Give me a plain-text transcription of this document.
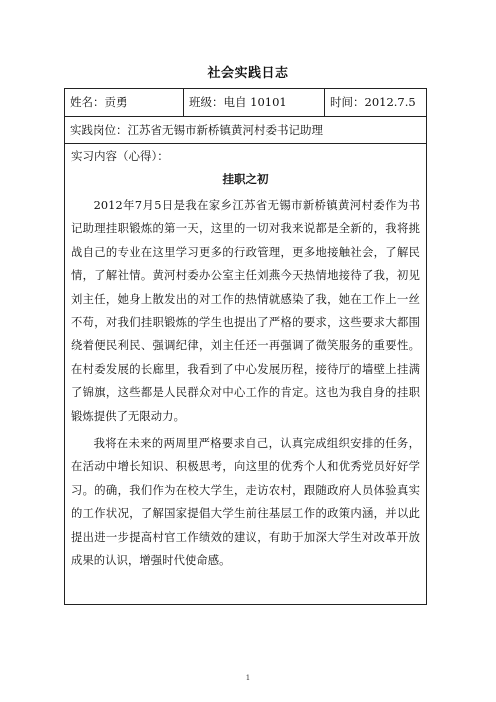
社会实践日志
姓名：贡勇	班级：电自 10101	时间：2012.7.5
实践岗位：江苏省无锡市新桥镇黄河村委书记助理
实习内容（心得）：
挂职之初

2012年7月5日是我在家乡江苏省无锡市新桥镇黄河村委作为书记助理挂职锻炼的第一天，这里的一切对我来说都是全新的，我将挑战自己的专业在这里学习更多的行政管理，更多地接触社会，了解民情，了解社情。黄河村委办公室主任刘燕今天热情地接待了我，初见刘主任，她身上散发出的对工作的热情就感染了我，她在工作上一丝不苟，对我们挂职锻炼的学生也提出了严格的要求，这些要求大都围绕着便民利民、强调纪律，刘主任还一再强调了微笑服务的重要性。在村委发展的长廊里，我看到了中心发展历程，接待厅的墙壁上挂满了锦旗，这些都是人民群众对中心工作的肯定。这也为我自身的挂职锻炼提供了无限动力。

我将在未来的两周里严格要求自己，认真完成组织安排的任务，在活动中增长知识、积极思考，向这里的优秀个人和优秀党员好好学习。的确，我们作为在校大学生，走访农村，跟随政府人员体验真实的工作状况，了解国家提倡大学生前往基层工作的政策内涵，并以此提出进一步提高村官工作绩效的建议，有助于加深大学生对改革开放成果的认识，增强时代使命感。

1
